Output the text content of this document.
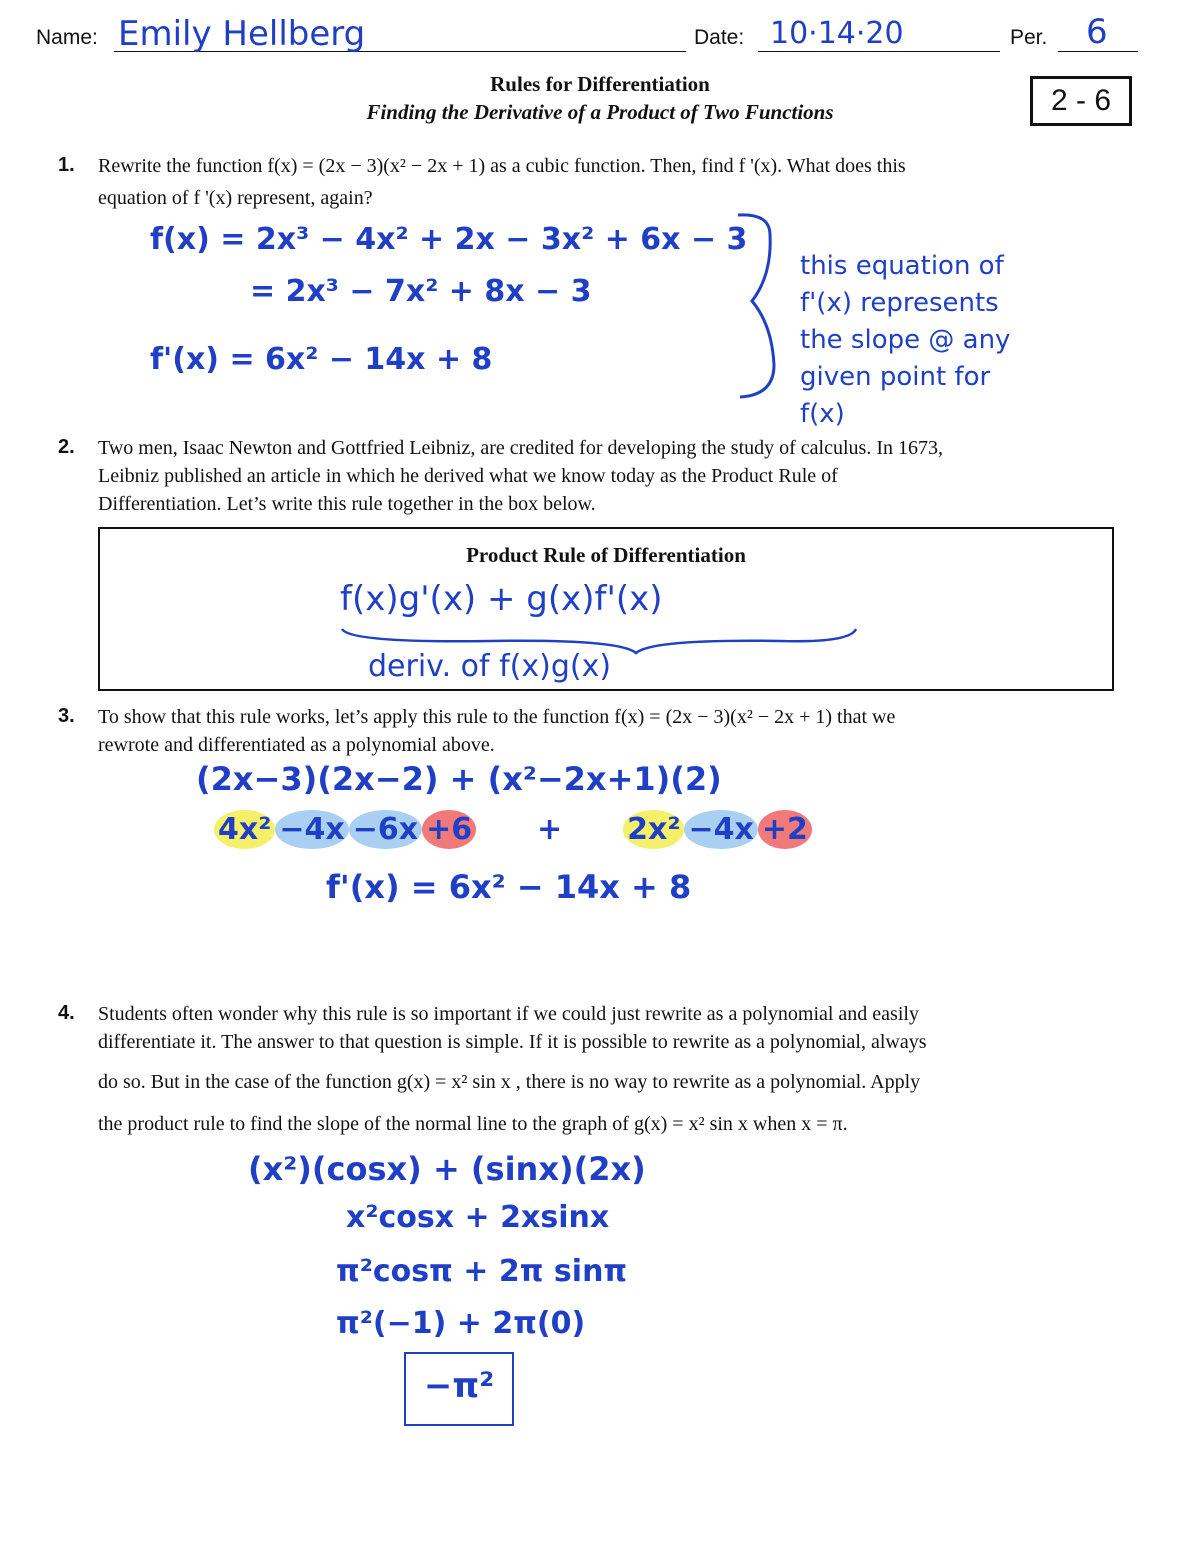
Name: Emily Hellberg	Date: 10·14·20	Per. 6
Rules for Differentiation
Finding the Derivative of a Product of Two Functions	2 - 6
1. Rewrite the function f(x) = (2x − 3)(x² − 2x + 1) as a cubic function. Then, find f '(x). What does this
equation of f '(x) represent, again?
f(x) = 2x³ − 4x² + 2x − 3x² + 6x − 3
= 2x³ − 7x² + 8x − 3
f'(x) = 6x² − 14x + 8
this equation of
f'(x) represents
the slope @ any
given point for
f(x)
2. Two men, Isaac Newton and Gottfried Leibniz, are credited for developing the study of calculus. In 1673,
Leibniz published an article in which he derived what we know today as the Product Rule of
Differentiation. Let’s write this rule together in the box below.
Product Rule of Differentiation
f(x)g'(x) + g(x)f'(x)
deriv. of f(x)g(x)
3. To show that this rule works, let’s apply this rule to the function f(x) = (2x − 3)(x² − 2x + 1) that we
rewrote and differentiated as a polynomial above.
(2x−3)(2x−2) + (x²−2x+1)(2)
4x² −4x −6x +6 + 2x² −4x +2
f'(x) = 6x² − 14x + 8
4. Students often wonder why this rule is so important if we could just rewrite as a polynomial and easily
differentiate it. The answer to that question is simple. If it is possible to rewrite as a polynomial, always
do so. But in the case of the function g(x) = x² sin x , there is no way to rewrite as a polynomial. Apply
the product rule to find the slope of the normal line to the graph of g(x) = x² sin x when x = π.
(x²)(cosx) + (sinx)(2x)
x²cosx + 2xsinx
π²cosπ + 2π sinπ
π²(−1) + 2π(0)
−π²
